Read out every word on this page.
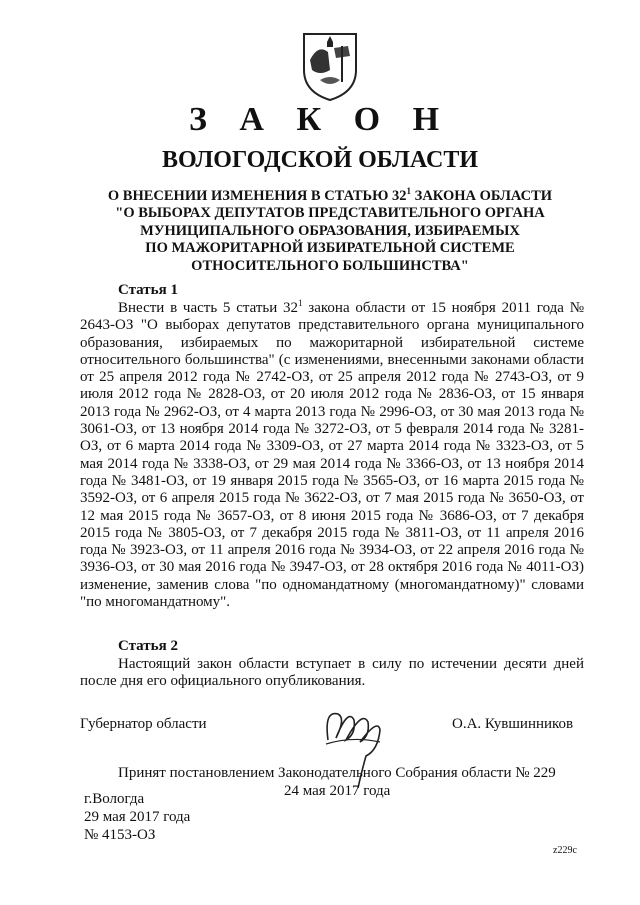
З А К О Н
ВОЛОГОДСКОЙ ОБЛАСТИ
О ВНЕСЕНИИ ИЗМЕНЕНИЯ В СТАТЬЮ $32^1$ ЗАКОНА ОБЛАСТИ
"О ВЫБОРАХ ДЕПУТАТОВ ПРЕДСТАВИТЕЛЬНОГО ОРГАНА
МУНИЦИПАЛЬНОГО ОБРАЗОВАНИЯ, ИЗБИРАЕМЫХ
ПО МАЖОРИТАРНОЙ ИЗБИРАТЕЛЬНОЙ СИСТЕМЕ
ОТНОСИТЕЛЬНОГО БОЛЬШИНСТВА"
Статья 1
Внести в часть 5 статьи $32^1$ закона области от 15 ноября 2011 года № 2643-ОЗ "О выборах депутатов представительного органа муниципального образования, избираемых по мажоритарной избирательной системе относительного большинства" (с изменениями, внесенными законами области от 25 апреля 2012 года № 2742-ОЗ, от 25 апреля 2012 года № 2743-ОЗ, от 9 июля 2012 года № 2828-ОЗ, от 20 июля 2012 года № 2836-ОЗ, от 15 января 2013 года № 2962-ОЗ, от 4 марта 2013 года № 2996-ОЗ, от 30 мая 2013 года № 3061-ОЗ, от 13 ноября 2014 года № 3272-ОЗ, от 5 февраля 2014 года № 3281-ОЗ, от 6 марта 2014 года № 3309-ОЗ, от 27 марта 2014 года № 3323-ОЗ, от 5 мая 2014 года № 3338-ОЗ, от 29 мая 2014 года № 3366-ОЗ, от 13 ноября 2014 года № 3481-ОЗ, от 19 января 2015 года № 3565-ОЗ, от 16 марта 2015 года № 3592-ОЗ, от 6 апреля 2015 года № 3622-ОЗ, от 7 мая 2015 года № 3650-ОЗ, от 12 мая 2015 года № 3657-ОЗ, от 8 июня 2015 года № 3686-ОЗ, от 7 декабря 2015 года № 3805-ОЗ, от 7 декабря 2015 года № 3811-ОЗ, от 11 апреля 2016 года № 3923-ОЗ, от 11 апреля 2016 года № 3934-ОЗ, от 22 апреля 2016 года № 3936-ОЗ, от 30 мая 2016 года № 3947-ОЗ, от 28 октября 2016 года № 4011-ОЗ) изменение, заменив слова "по одномандатному (многомандатному)" словами "по многомандатному".
Статья 2
Настоящий закон области вступает в силу по истечении десяти дней после дня его официального опубликования.
Губернатор области	О.А. Кувшинников
Принят постановлением Законодательного Собрания области № 229
24 мая 2017 года
г.Вологда
29 мая 2017 года
№ 4153-ОЗ
z229c
